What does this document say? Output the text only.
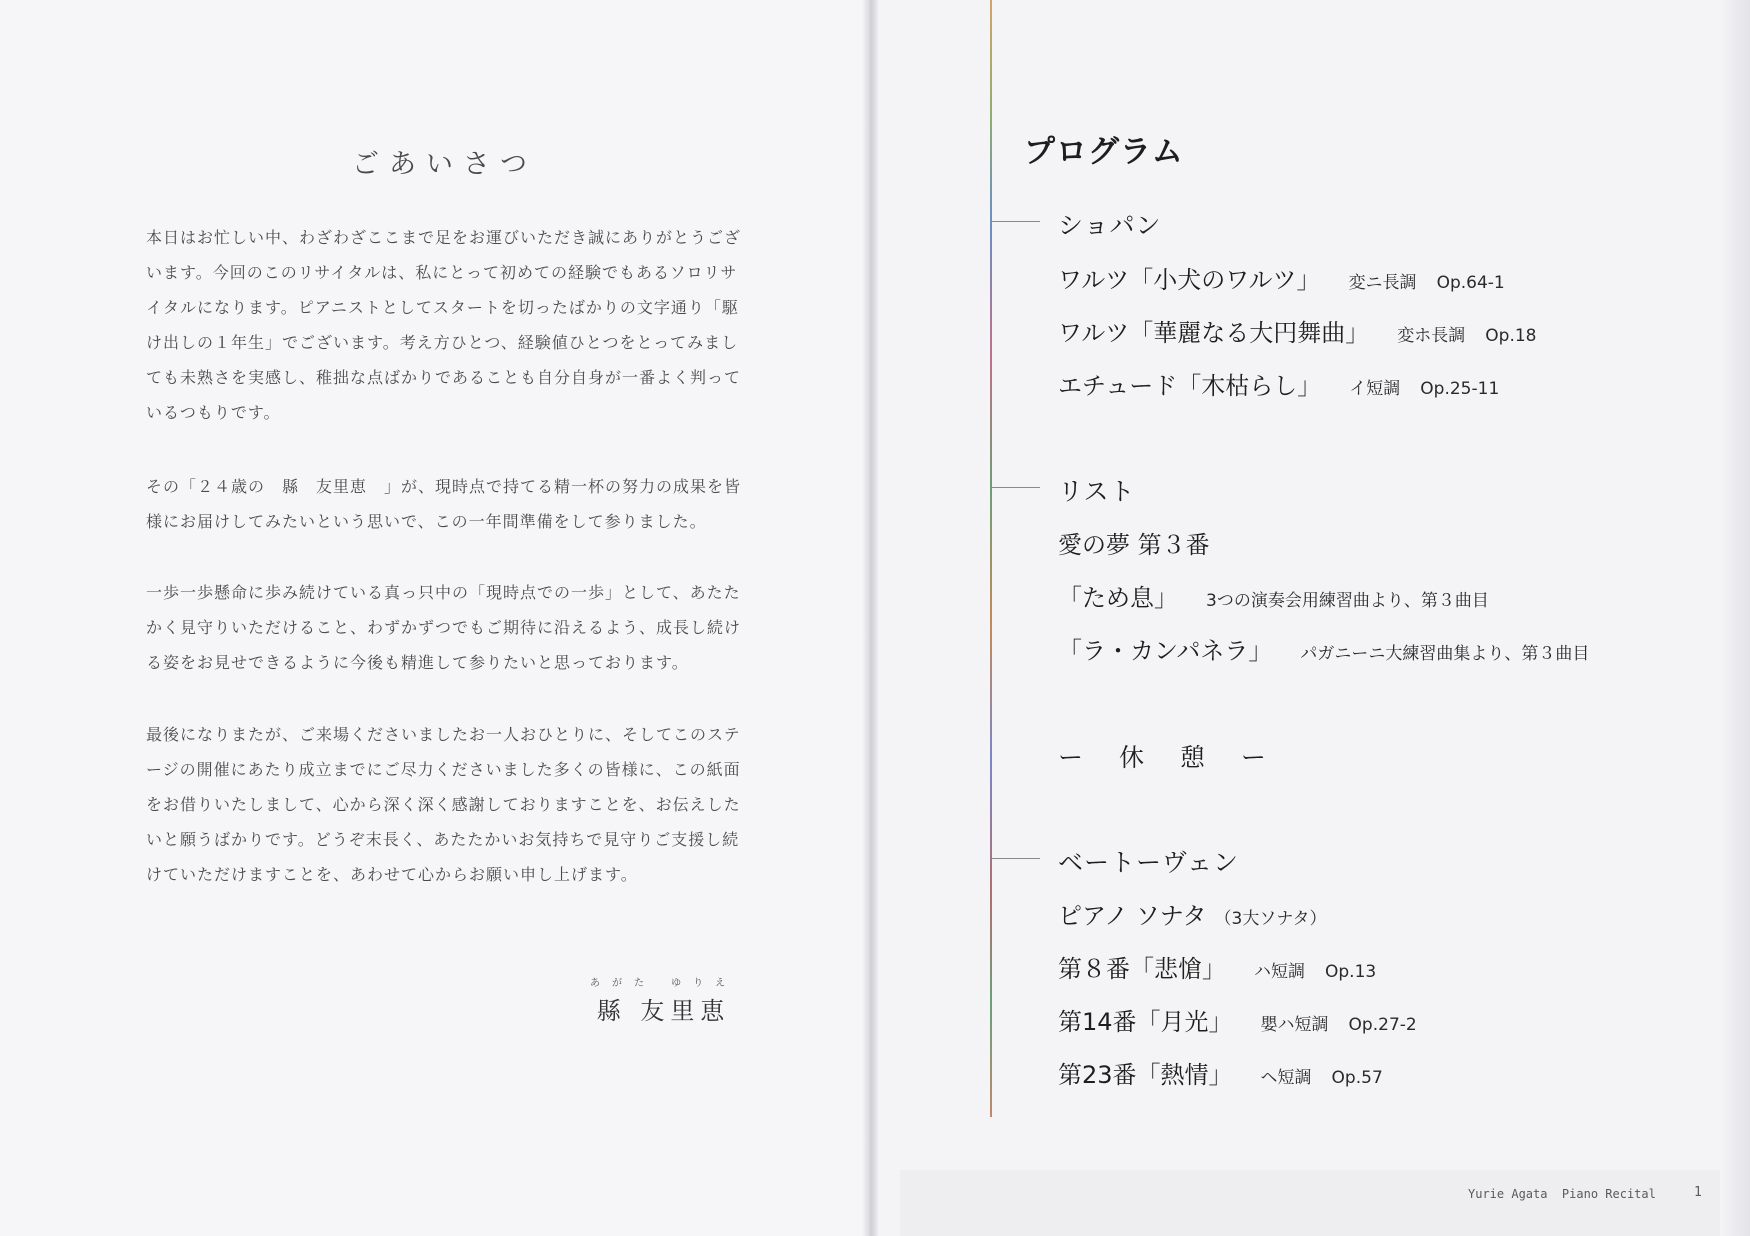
ごあいさつ

本日はお忙しい中、わざわざここまで足をお運びいただき誠にありがとうございます。今回のこのリサイタルは、私にとって初めての経験でもあるソロリサイタルになります。ピアニストとしてスタートを切ったばかりの文字通り「駆け出しの１年生」でございます。考え方ひとつ、経験値ひとつをとってみましても未熟さを実感し、稚拙な点ばかりであることも自分自身が一番よく判っているつもりです。

その「２４歳の　縣　友里恵　」が、現時点で持てる精一杯の努力の成果を皆様にお届けしてみたいという思いで、この一年間準備をして参りました。

一歩一歩懸命に歩み続けている真っ只中の「現時点での一歩」として、あたたかく見守りいただけること、わずかずつでもご期待に沿えるよう、成長し続ける姿をお見せできるように今後も精進して参りたいと思っております。

最後になりまたが、ご来場くださいましたお一人おひとりに、そしてこのステージの開催にあたり成立までにご尽力くださいました多くの皆様に、この紙面をお借りいたしまして、心から深く深く感謝しておりますことを、お伝えしたいと願うばかりです。どうぞ末長く、あたたかいお気持ちで見守りご支援し続けていただけますことを、あわせて心からお願い申し上げます。

あがた ゆりえ
縣 友里恵
プログラム
ショパン
ワルツ「小犬のワルツ」 変ニ長調 Op.64-1
ワルツ「華麗なる大円舞曲」 変ホ長調 Op.18
エチュード「木枯らし」 イ短調 Op.25-11
リスト
愛の夢 第３番
「ため息」 3つの演奏会用練習曲より、第３曲目
「ラ・カンパネラ」 パガニーニ大練習曲集より、第３曲目
ー 休 憩 ー
ベートーヴェン
ピアノ ソナタ （3大ソナタ）
第８番「悲愴」 ハ短調 Op.13
第14番「月光」 嬰ハ短調 Op.27-2
第23番「熱情」 ヘ短調 Op.57
Yurie Agata  Piano Recital	1
